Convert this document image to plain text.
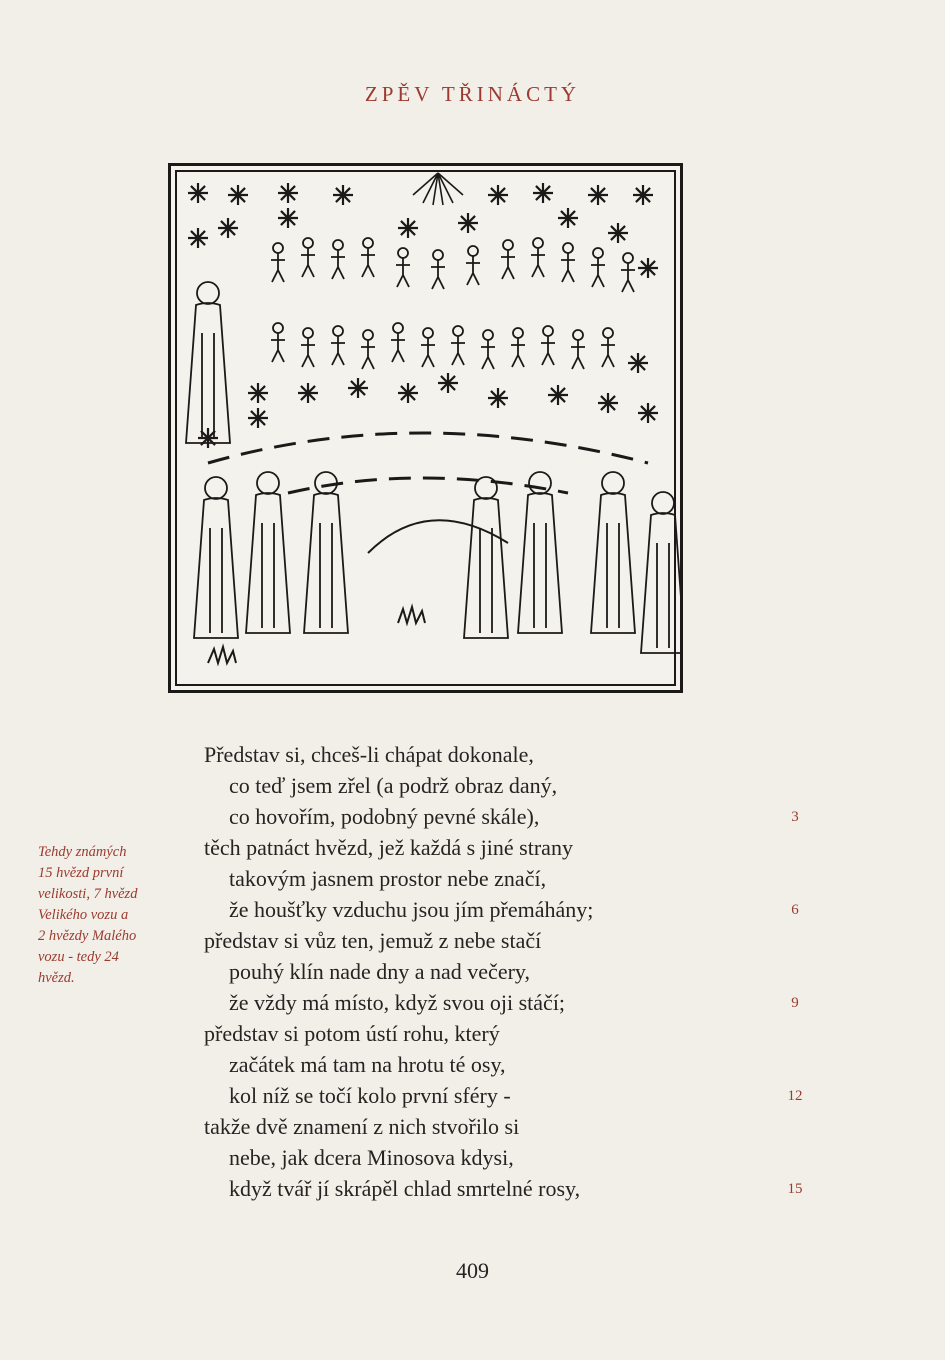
ZPĚV TŘINÁCTÝ
Představ si, chceš-li chápat dokonale,
co teď jsem zřel (a podrž obraz daný,
co hovořím, podobný pevné skále),	3
těch patnáct hvězd, jež každá s jiné strany
takovým jasnem prostor nebe značí,
že houšťky vzduchu jsou jím přemáhány;	6
představ si vůz ten, jemuž z nebe stačí
pouhý klín nade dny a nad večery,
že vždy má místo, když svou oji stáčí;	9
představ si potom ústí rohu, který
začátek má tam na hrotu té osy,
kol níž se točí kolo první sféry -	12
takže dvě znamení z nich stvořilo si
nebe, jak dcera Minosova kdysi,
když tvář jí skrápěl chlad smrtelné rosy,	15
Tehdy známých
15 hvězd první
velikosti, 7 hvězd
Velikého vozu a
2 hvězdy Malého
vozu - tedy 24
hvězd.
409
